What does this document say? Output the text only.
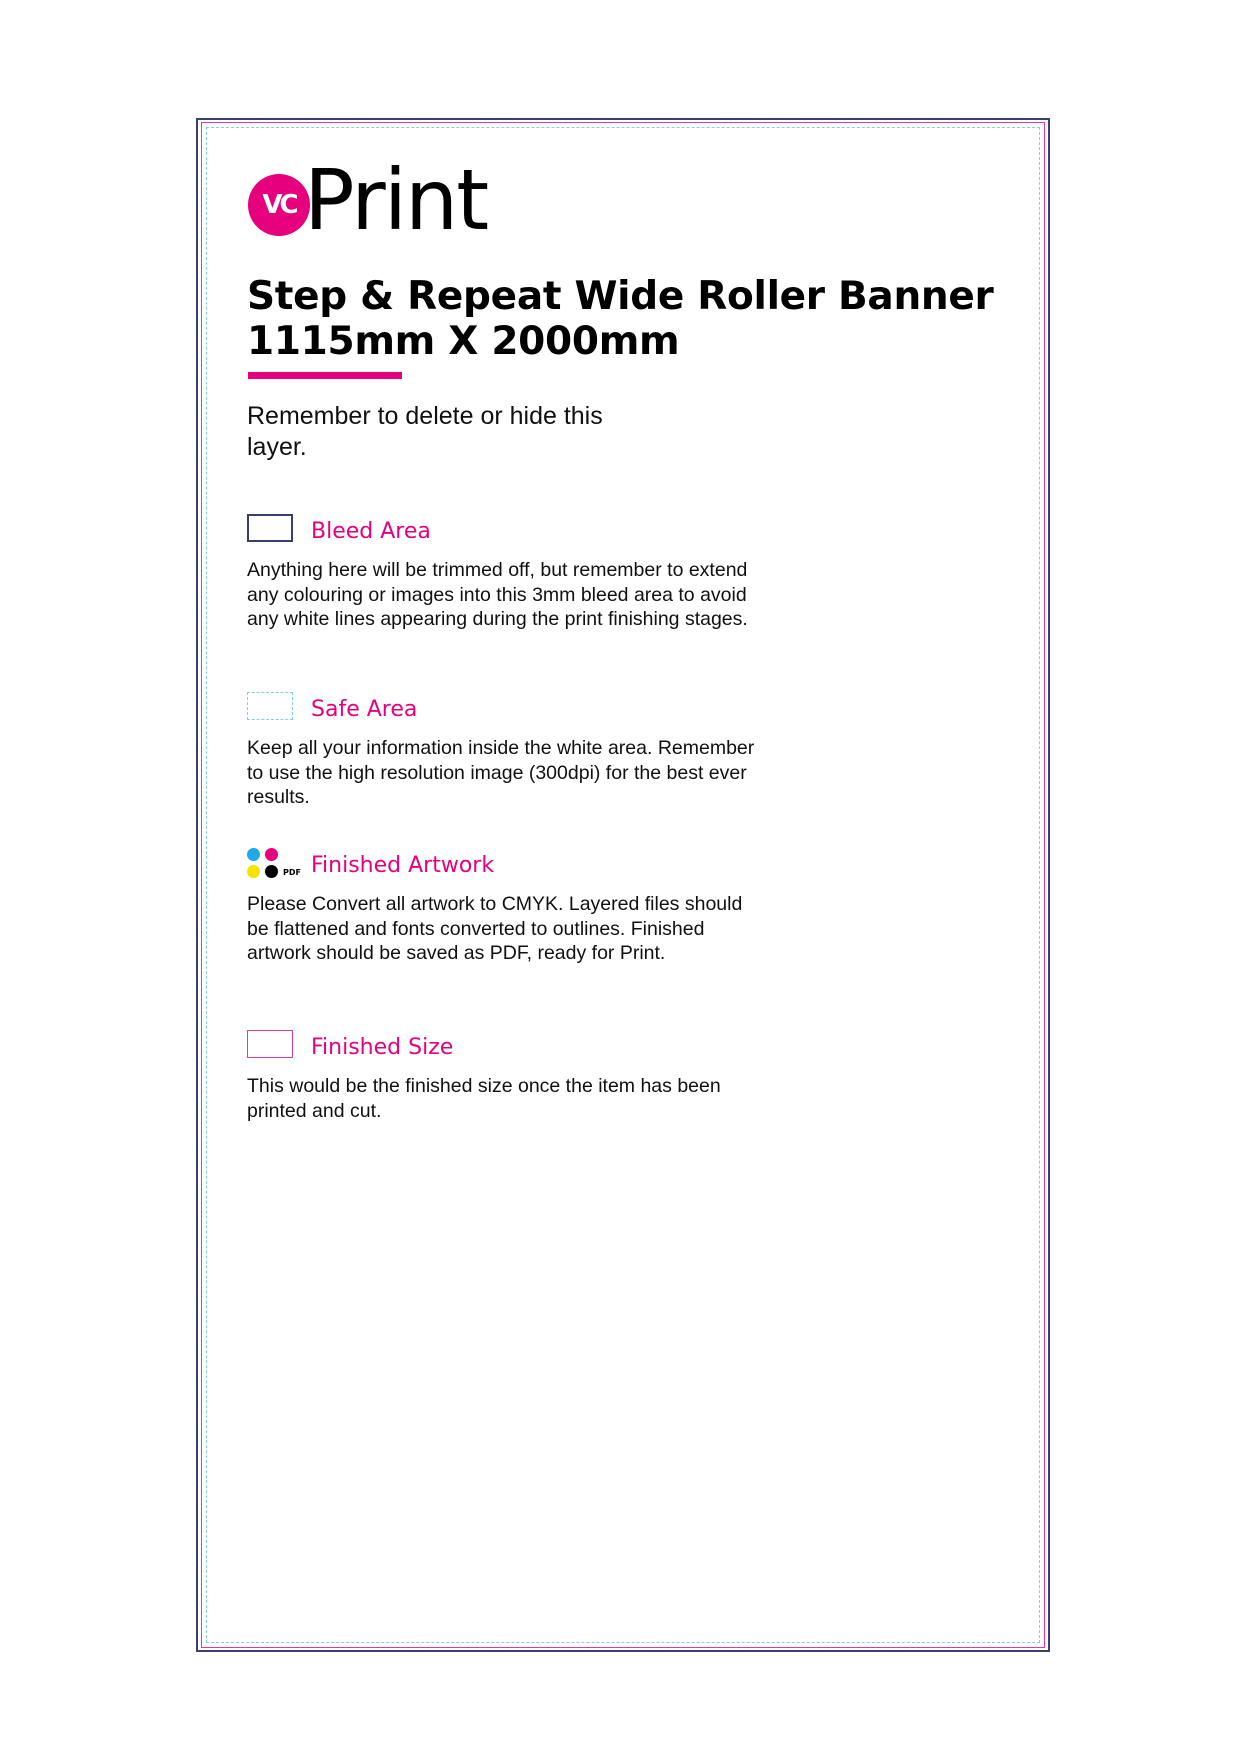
VC Print
Step & Repeat Wide Roller Banner
1115mm X 2000mm
Remember to delete or hide this layer.
Bleed Area
Anything here will be trimmed off, but remember to extend any colouring or images into this 3mm bleed area to avoid any white lines appearing during the print finishing stages.
Safe Area
Keep all your information inside the white area. Remember to use the high resolution image (300dpi) for the best ever results.
PDF Finished Artwork
Please Convert all artwork to CMYK. Layered files should be flattened and fonts converted to outlines. Finished artwork should be saved as PDF, ready for Print.
Finished Size
This would be the finished size once the item has been printed and cut.
